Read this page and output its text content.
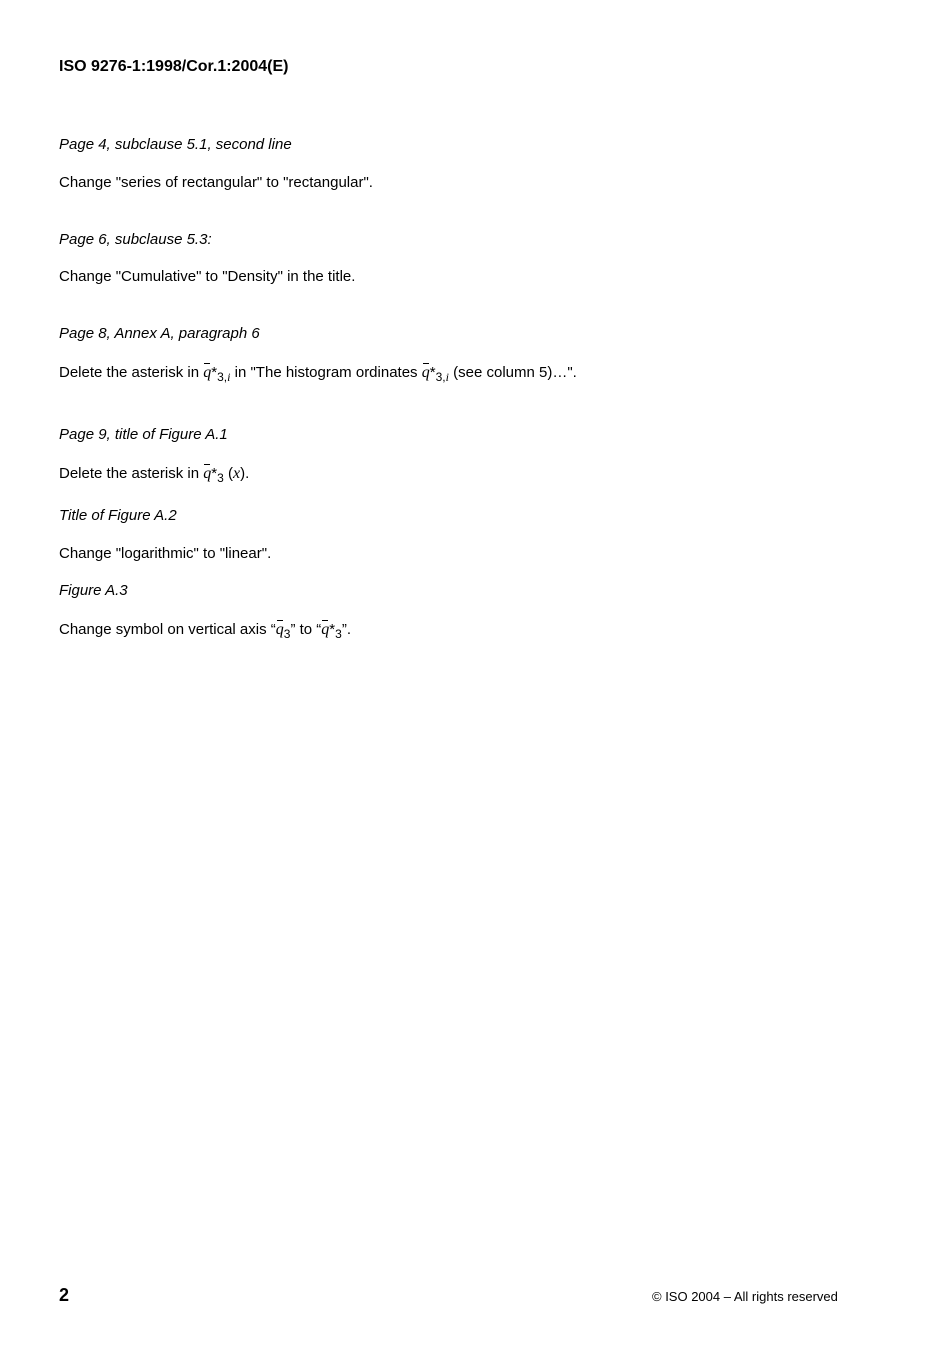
ISO 9276-1:1998/Cor.1:2004(E)
Page 4, subclause 5.1, second line
Change "series of rectangular" to "rectangular".
Page 6, subclause 5.3:
Change "Cumulative" to "Density" in the title.
Page 8, Annex A, paragraph 6
Delete the asterisk in $q*_{3,i}$ in "The histogram ordinates $q*_{3,i}$ (see column 5)…".
Page 9, title of Figure A.1
Delete the asterisk in $q*_3$ (x).
Title of Figure A.2
Change "logarithmic" to "linear".
Figure A.3
Change symbol on vertical axis “
$q_3$” to “
$q*_3$”.
2	© ISO 2004 – All rights reserved
